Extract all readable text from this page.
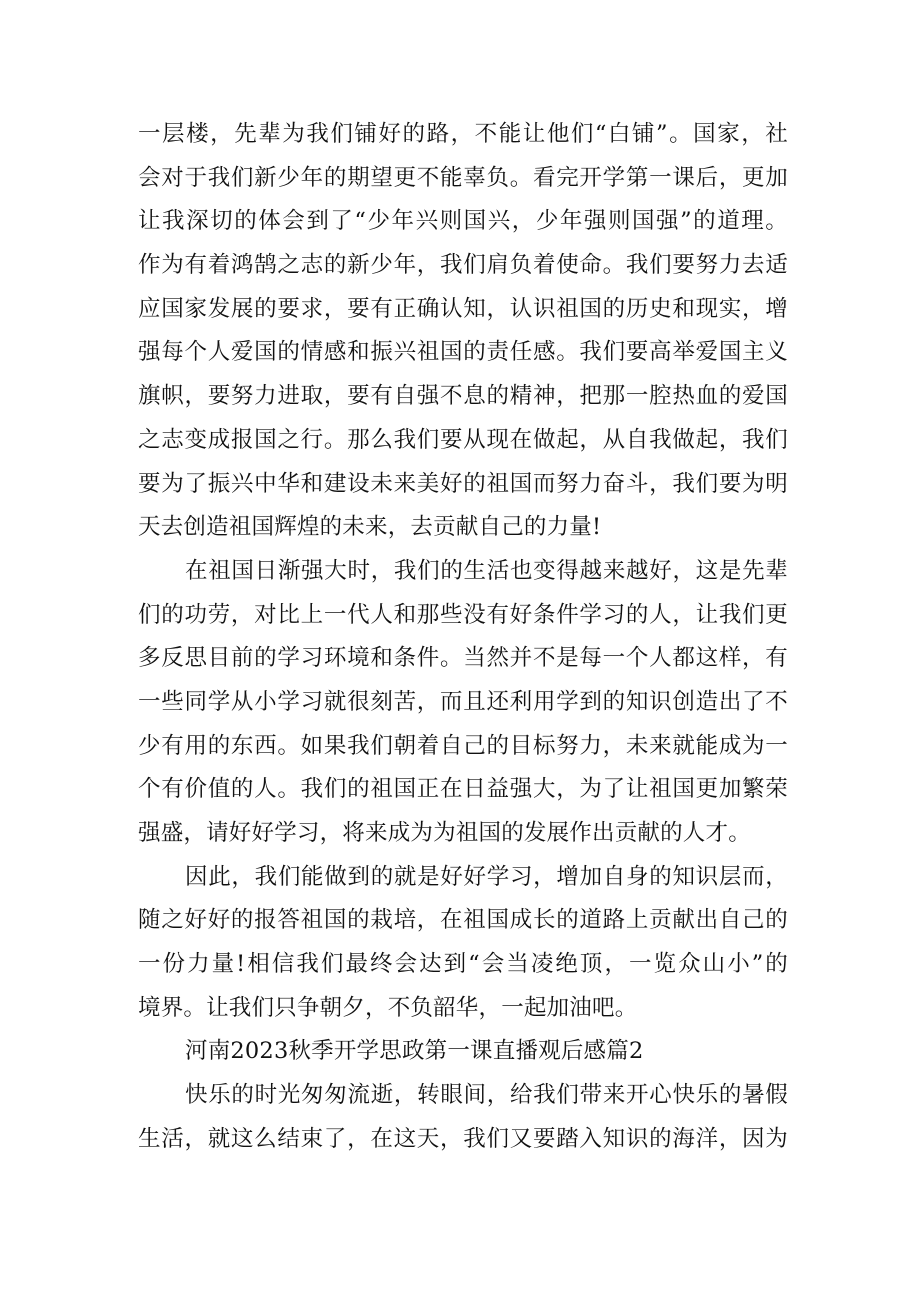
一层楼，先辈为我们铺好的路，不能让他们“白铺”。国家，社
会对于我们新少年的期望更不能辜负。看完开学第一课后，更加
让我深切的体会到了“少年兴则国兴，少年强则国强”的道理。
作为有着鸿鹄之志的新少年，我们肩负着使命。我们要努力去适
应国家发展的要求，要有正确认知，认识祖国的历史和现实，增
强每个人爱国的情感和振兴祖国的责任感。我们要高举爱国主义
旗帜，要努力进取，要有自强不息的精神，把那一腔热血的爱国
之志变成报国之行。那么我们要从现在做起，从自我做起，我们
要为了振兴中华和建设未来美好的祖国而努力奋斗，我们要为明
天去创造祖国辉煌的未来，去贡献自己的力量!
在祖国日渐强大时，我们的生活也变得越来越好，这是先辈
们的功劳，对比上一代人和那些没有好条件学习的人，让我们更
多反思目前的学习环境和条件。当然并不是每一个人都这样，有
一些同学从小学习就很刻苦，而且还利用学到的知识创造出了不
少有用的东西。如果我们朝着自己的目标努力，未来就能成为一
个有价值的人。我们的祖国正在日益强大，为了让祖国更加繁荣
强盛，请好好学习，将来成为为祖国的发展作出贡献的人才。
因此，我们能做到的就是好好学习，增加自身的知识层而，
随之好好的报答祖国的栽培，在祖国成长的道路上贡献出自己的
一份力量!相信我们最终会达到“会当凌绝顶，一览众山小”的
境界。让我们只争朝夕，不负韶华，一起加油吧。
河南2023秋季开学思政第一课直播观后感篇2
快乐的时光匆匆流逝，转眼间，给我们带来开心快乐的暑假
生活，就这么结束了，在这天，我们又要踏入知识的海洋，因为
